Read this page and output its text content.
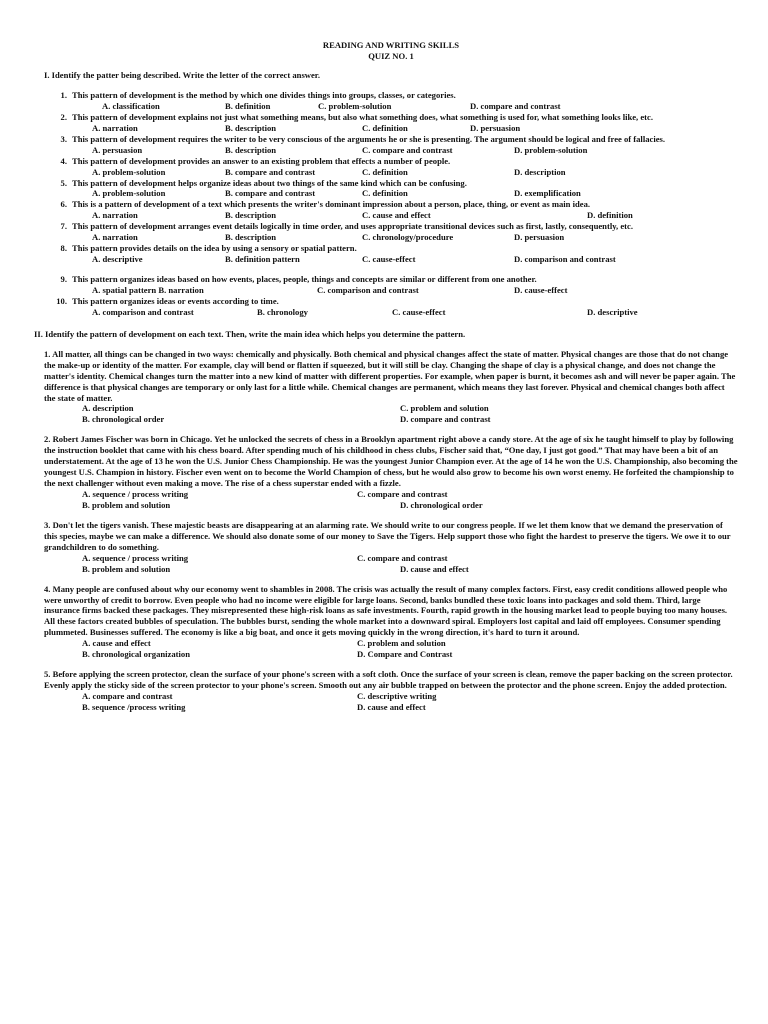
READING AND WRITING SKILLS
QUIZ NO. 1
I. Identify the patter being described. Write the letter of the correct answer.
1. This pattern of development is the method by which one divides things into groups, classes, or categories.
A. classification	B. definition	C. problem-solution	D. compare and contrast
2. This pattern of development explains not just what something means, but also what something does, what something is used for, what something looks like, etc.
A. narration	B. description	C. definition	D. persuasion
3. This pattern of development requires the writer to be very conscious of the arguments he or she is presenting. The argument should be logical and free of fallacies.
A. persuasion	B. description	C. compare and contrast	D. problem-solution
4. This pattern of development provides an answer to an existing problem that effects a number of people.
A. problem-solution	B. compare and contrast	C. definition	D. description
5. This pattern of development helps organize ideas about two things of the same kind which can be confusing.
A. problem-solution	B. compare and contrast	C. definition	D. exemplification
6. This is a pattern of development of a text which presents the writer's dominant impression about a person, place, thing, or event as main idea.
A. narration	B. description	C. cause and effect	D. definition
7. This pattern of development arranges event details logically in time order, and uses appropriate transitional devices such as first, lastly, consequently, etc.
A. narration	B. description	C. chronology/procedure	D. persuasion
8. This pattern provides details on the idea by using a sensory or spatial pattern.
A. descriptive	B. definition pattern	C. cause-effect	D. comparison and contrast
9. This pattern organizes ideas based on how events, places, people, things and concepts are similar or different from one another.
A. spatial pattern B. narration	C. comparison and contrast	D. cause-effect
10. This pattern organizes ideas or events according to time.
A. comparison and contrast	B. chronology	C. cause-effect	D. descriptive
II. Identify the pattern of development on each text. Then, write the main idea which helps you determine the pattern.
1. All matter, all things can be changed in two ways: chemically and physically. Both chemical and physical changes affect the state of matter. Physical changes are those that do not change the make-up or identity of the matter. For example, clay will bend or flatten if squeezed, but it will still be clay. Changing the shape of clay is a physical change, and does not change the matter's identity. Chemical changes turn the matter into a new kind of matter with different properties. For example, when paper is burnt, it becomes ash and will never be paper again. The difference is that physical changes are temporary or only last for a little while. Chemical changes are permanent, which means they last forever. Physical and chemical changes both affect the state of matter.
A. description	C. problem and solution
B. chronological order	D. compare and contrast
2. Robert James Fischer was born in Chicago. Yet he unlocked the secrets of chess in a Brooklyn apartment right above a candy store. At the age of six he taught himself to play by following the instruction booklet that came with his chess board. After spending much of his childhood in chess clubs, Fischer said that, “One day, I just got good.” That may have been a bit of an understatement. At the age of 13 he won the U.S. Junior Chess Championship. He was the youngest Junior Champion ever. At the age of 14 he won the U.S. Championship, also becoming the youngest U.S. Champion in history. Fischer even went on to become the World Champion of chess, but he would also grow to become his own worst enemy. He forfeited the championship to the next challenger without even making a move. The rise of a chess superstar ended with a fizzle.
A. sequence / process writing	C. compare and contrast
B. problem and solution	D. chronological order
3. Don't let the tigers vanish. These majestic beasts are disappearing at an alarming rate. We should write to our congress people. If we let them know that we demand the preservation of this species, maybe we can make a difference. We should also donate some of our money to Save the Tigers. Help support those who fight the hardest to preserve the tigers. We owe it to our grandchildren to do something.
A. sequence / process writing	C. compare and contrast
B. problem and solution	D. cause and effect
4. Many people are confused about why our economy went to shambles in 2008. The crisis was actually the result of many complex factors. First, easy credit conditions allowed people who were unworthy of credit to borrow. Even people who had no income were eligible for large loans. Second, banks bundled these toxic loans into packages and sold them. Third, large insurance firms backed these packages. They misrepresented these high-risk loans as safe investments. Fourth, rapid growth in the housing market lead to people buying too many houses. All these factors created bubbles of speculation. The bubbles burst, sending the whole market into a downward spiral. Employers lost capital and laid off employees. Consumer spending plummeted. Businesses suffered. The economy is like a big boat, and once it gets moving quickly in the wrong direction, it's hard to turn it around.
A. cause and effect	C. problem and solution
B. chronological organization	D. Compare and Contrast
5. Before applying the screen protector, clean the surface of your phone's screen with a soft cloth. Once the surface of your screen is clean, remove the paper backing on the screen protector. Evenly apply the sticky side of the screen protector to your phone's screen. Smooth out any air bubble trapped on between the protector and the phone screen. Enjoy the added protection.
A. compare and contrast	C. descriptive writing
B. sequence /process writing	D. cause and effect
